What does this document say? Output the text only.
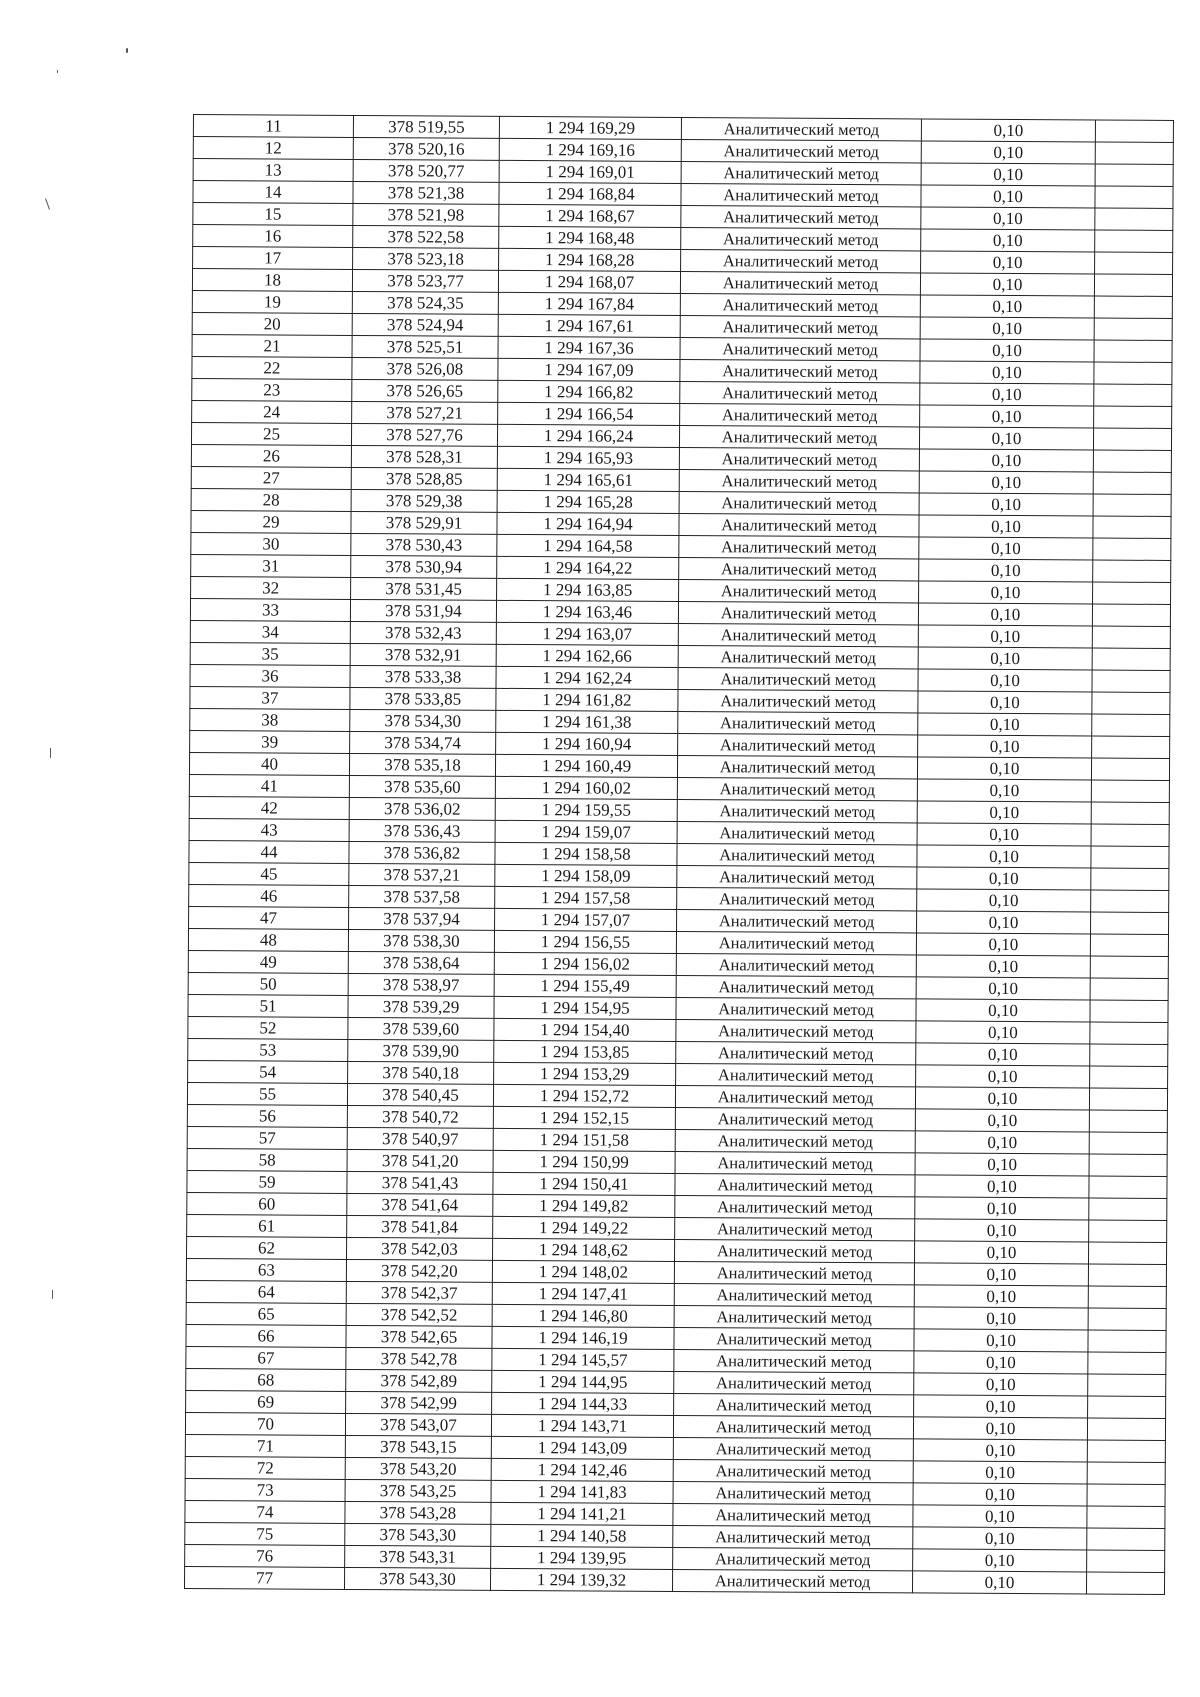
11	378 519,55	1 294 169,29	Аналитический метод	0,10	
12	378 520,16	1 294 169,16	Аналитический метод	0,10	
13	378 520,77	1 294 169,01	Аналитический метод	0,10	
14	378 521,38	1 294 168,84	Аналитический метод	0,10	
15	378 521,98	1 294 168,67	Аналитический метод	0,10	
16	378 522,58	1 294 168,48	Аналитический метод	0,10	
17	378 523,18	1 294 168,28	Аналитический метод	0,10	
18	378 523,77	1 294 168,07	Аналитический метод	0,10	
19	378 524,35	1 294 167,84	Аналитический метод	0,10	
20	378 524,94	1 294 167,61	Аналитический метод	0,10	
21	378 525,51	1 294 167,36	Аналитический метод	0,10	
22	378 526,08	1 294 167,09	Аналитический метод	0,10	
23	378 526,65	1 294 166,82	Аналитический метод	0,10	
24	378 527,21	1 294 166,54	Аналитический метод	0,10	
25	378 527,76	1 294 166,24	Аналитический метод	0,10	
26	378 528,31	1 294 165,93	Аналитический метод	0,10	
27	378 528,85	1 294 165,61	Аналитический метод	0,10	
28	378 529,38	1 294 165,28	Аналитический метод	0,10	
29	378 529,91	1 294 164,94	Аналитический метод	0,10	
30	378 530,43	1 294 164,58	Аналитический метод	0,10	
31	378 530,94	1 294 164,22	Аналитический метод	0,10	
32	378 531,45	1 294 163,85	Аналитический метод	0,10	
33	378 531,94	1 294 163,46	Аналитический метод	0,10	
34	378 532,43	1 294 163,07	Аналитический метод	0,10	
35	378 532,91	1 294 162,66	Аналитический метод	0,10	
36	378 533,38	1 294 162,24	Аналитический метод	0,10	
37	378 533,85	1 294 161,82	Аналитический метод	0,10	
38	378 534,30	1 294 161,38	Аналитический метод	0,10	
39	378 534,74	1 294 160,94	Аналитический метод	0,10	
40	378 535,18	1 294 160,49	Аналитический метод	0,10	
41	378 535,60	1 294 160,02	Аналитический метод	0,10	
42	378 536,02	1 294 159,55	Аналитический метод	0,10	
43	378 536,43	1 294 159,07	Аналитический метод	0,10	
44	378 536,82	1 294 158,58	Аналитический метод	0,10	
45	378 537,21	1 294 158,09	Аналитический метод	0,10	
46	378 537,58	1 294 157,58	Аналитический метод	0,10	
47	378 537,94	1 294 157,07	Аналитический метод	0,10	
48	378 538,30	1 294 156,55	Аналитический метод	0,10	
49	378 538,64	1 294 156,02	Аналитический метод	0,10	
50	378 538,97	1 294 155,49	Аналитический метод	0,10	
51	378 539,29	1 294 154,95	Аналитический метод	0,10	
52	378 539,60	1 294 154,40	Аналитический метод	0,10	
53	378 539,90	1 294 153,85	Аналитический метод	0,10	
54	378 540,18	1 294 153,29	Аналитический метод	0,10	
55	378 540,45	1 294 152,72	Аналитический метод	0,10	
56	378 540,72	1 294 152,15	Аналитический метод	0,10	
57	378 540,97	1 294 151,58	Аналитический метод	0,10	
58	378 541,20	1 294 150,99	Аналитический метод	0,10	
59	378 541,43	1 294 150,41	Аналитический метод	0,10	
60	378 541,64	1 294 149,82	Аналитический метод	0,10	
61	378 541,84	1 294 149,22	Аналитический метод	0,10	
62	378 542,03	1 294 148,62	Аналитический метод	0,10	
63	378 542,20	1 294 148,02	Аналитический метод	0,10	
64	378 542,37	1 294 147,41	Аналитический метод	0,10	
65	378 542,52	1 294 146,80	Аналитический метод	0,10	
66	378 542,65	1 294 146,19	Аналитический метод	0,10	
67	378 542,78	1 294 145,57	Аналитический метод	0,10	
68	378 542,89	1 294 144,95	Аналитический метод	0,10	
69	378 542,99	1 294 144,33	Аналитический метод	0,10	
70	378 543,07	1 294 143,71	Аналитический метод	0,10	
71	378 543,15	1 294 143,09	Аналитический метод	0,10	
72	378 543,20	1 294 142,46	Аналитический метод	0,10	
73	378 543,25	1 294 141,83	Аналитический метод	0,10	
74	378 543,28	1 294 141,21	Аналитический метод	0,10	
75	378 543,30	1 294 140,58	Аналитический метод	0,10	
76	378 543,31	1 294 139,95	Аналитический метод	0,10	
77	378 543,30	1 294 139,32	Аналитический метод	0,10	
